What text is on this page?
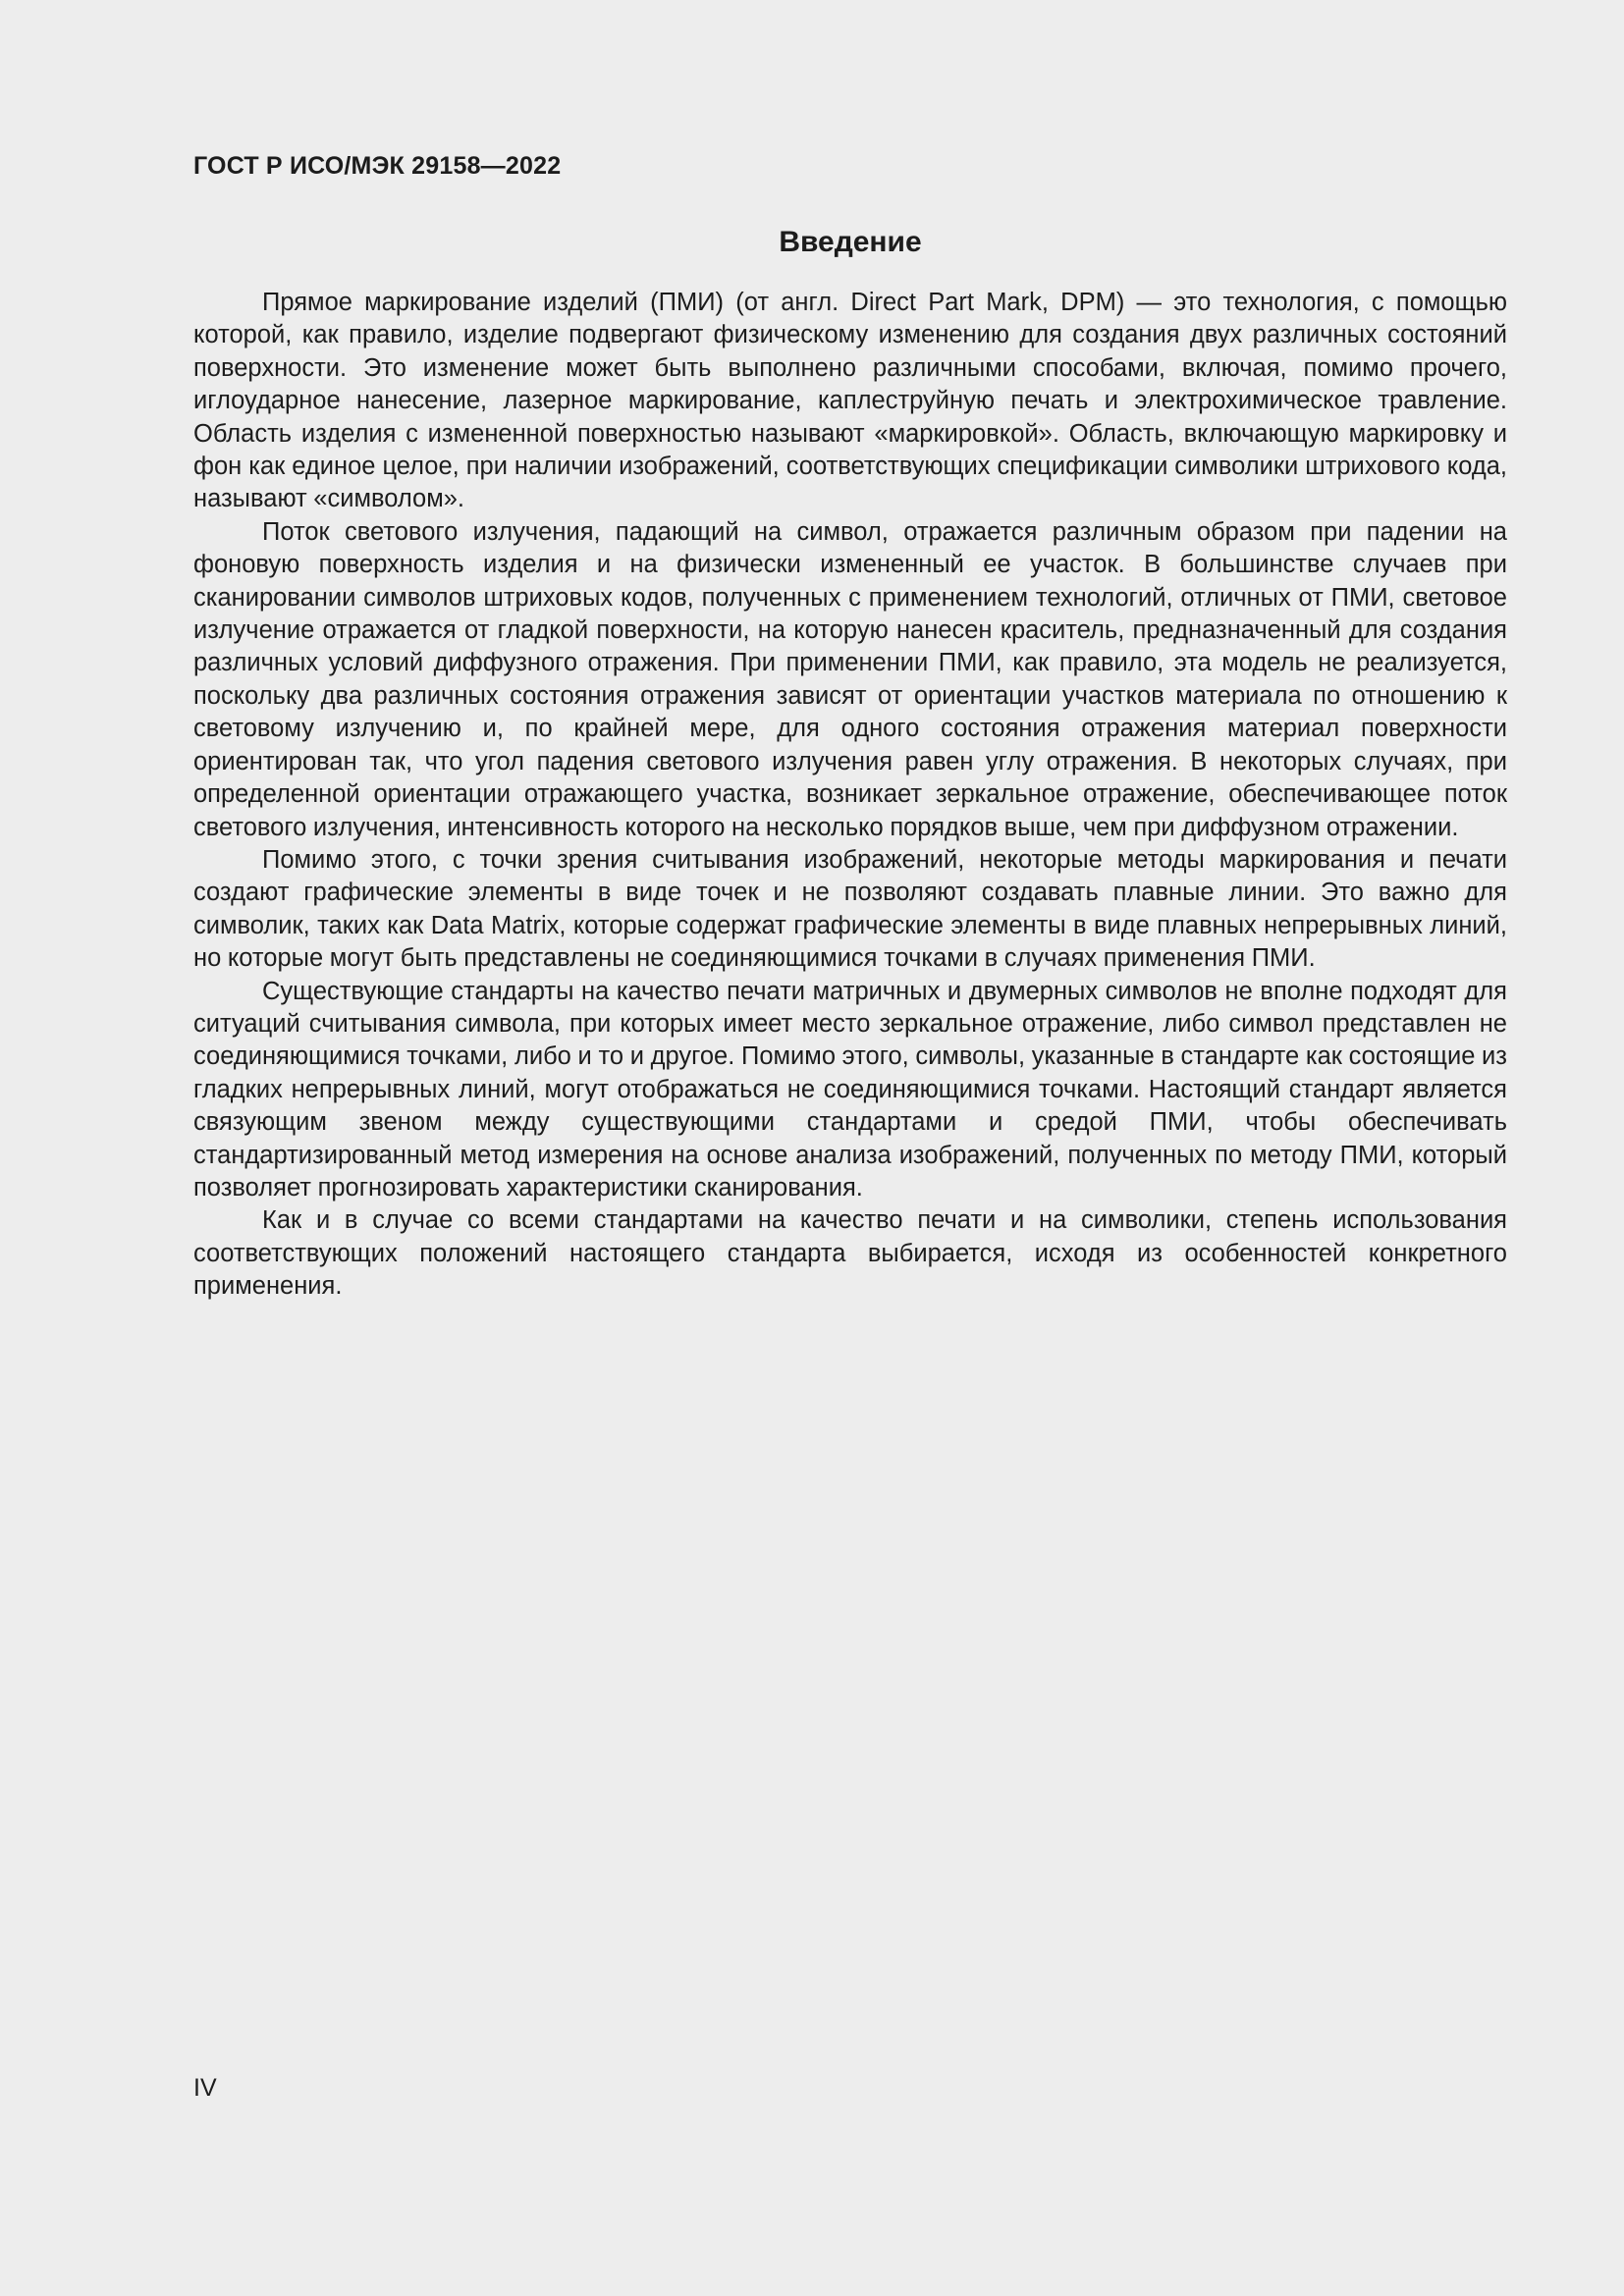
ГОСТ Р ИСО/МЭК 29158—2022
Введение

Прямое маркирование изделий (ПМИ) (от англ. Direct Part Mark, DPM) — это технология, с помощью которой, как правило, изделие подвергают физическому изменению для создания двух различных состояний поверхности. Это изменение может быть выполнено различными способами, включая, помимо прочего, иглоударное нанесение, лазерное маркирование, каплеструйную печать и электрохимическое травление. Область изделия с измененной поверхностью называют «маркировкой». Область, включающую маркировку и фон как единое целое, при наличии изображений, соответствующих спецификации символики штрихового кода, называют «символом».

Поток светового излучения, падающий на символ, отражается различным образом при падении на фоновую поверхность изделия и на физически измененный ее участок. В большинстве случаев при сканировании символов штриховых кодов, полученных с применением технологий, отличных от ПМИ, световое излучение отражается от гладкой поверхности, на которую нанесен краситель, предназначенный для создания различных условий диффузного отражения. При применении ПМИ, как правило, эта модель не реализуется, поскольку два различных состояния отражения зависят от ориентации участков материала по отношению к световому излучению и, по крайней мере, для одного состояния отражения материал поверхности ориентирован так, что угол падения светового излучения равен углу отражения. В некоторых случаях, при определенной ориентации отражающего участка, возникает зеркальное отражение, обеспечивающее поток светового излучения, интенсивность которого на несколько порядков выше, чем при диффузном отражении.

Помимо этого, с точки зрения считывания изображений, некоторые методы маркирования и печати создают графические элементы в виде точек и не позволяют создавать плавные линии. Это важно для символик, таких как Data Matrix, которые содержат графические элементы в виде плавных непрерывных линий, но которые могут быть представлены не соединяющимися точками в случаях применения ПМИ.

Существующие стандарты на качество печати матричных и двумерных символов не вполне подходят для ситуаций считывания символа, при которых имеет место зеркальное отражение, либо символ представлен не соединяющимися точками, либо и то и другое. Помимо этого, символы, указанные в стандарте как состоящие из гладких непрерывных линий, могут отображаться не соединяющимися точками. Настоящий стандарт является связующим звеном между существующими стандартами и средой ПМИ, чтобы обеспечивать стандартизированный метод измерения на основе анализа изображений, полученных по методу ПМИ, который позволяет прогнозировать характеристики сканирования.

Как и в случае со всеми стандартами на качество печати и на символики, степень использования соответствующих положений настоящего стандарта выбирается, исходя из особенностей конкретного применения.

IV
